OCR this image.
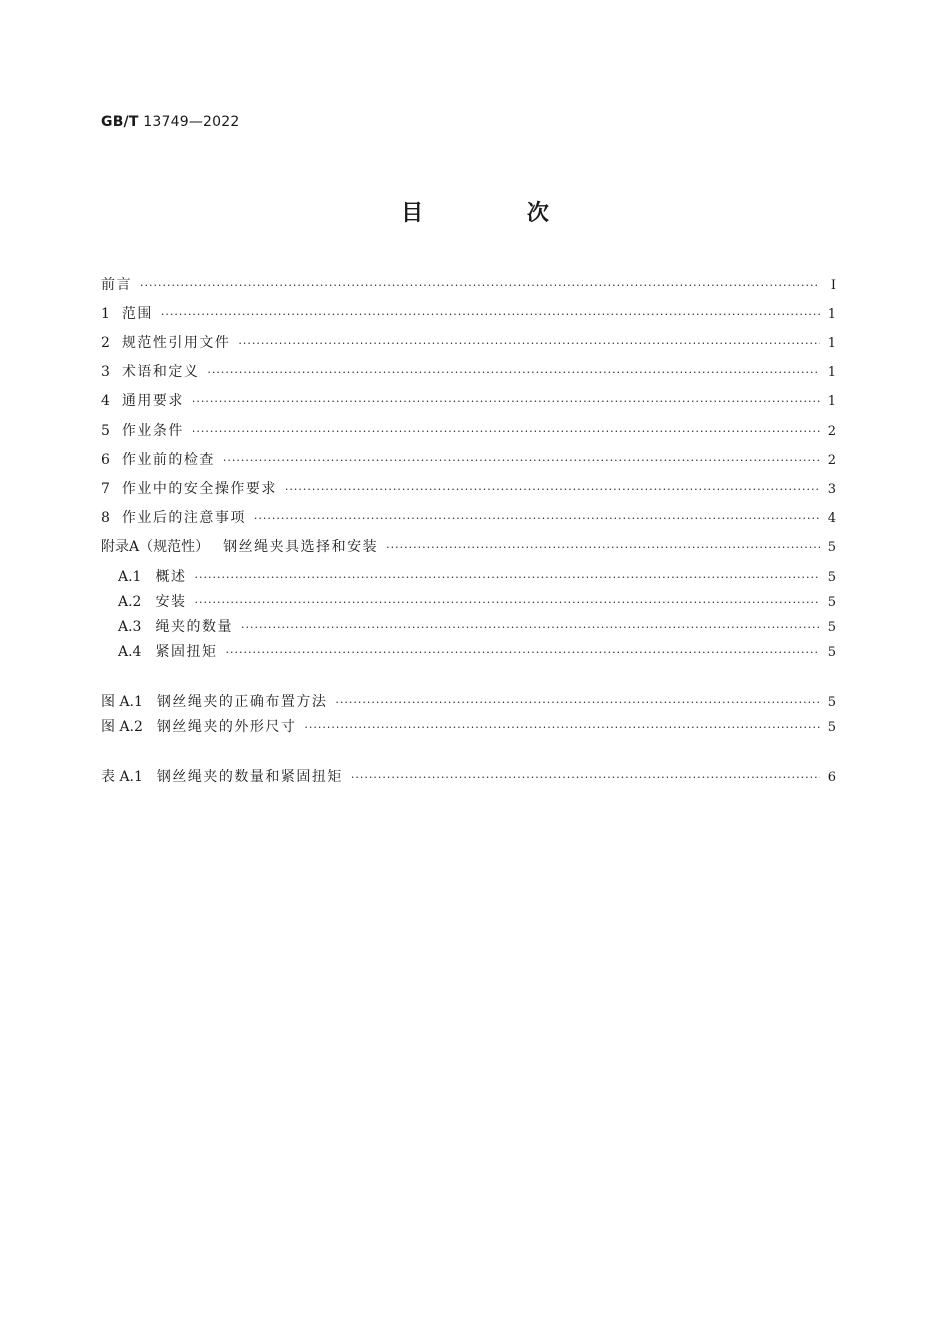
GB/T 13749—2022
目 次
前言 ·····	Ⅰ
1 范围 ·····	1
2 规范性引用文件 ·····	1
3 术语和定义 ·····	1
4 通用要求 ·····	1
5 作业条件 ·····	2
6 作业前的检查 ·····	2
7 作业中的安全操作要求 ·····	3
8 作业后的注意事项 ·····	4
附录A（规范性） 钢丝绳夹具选择和安装 ·····	5
A.1 概述 ·····	5
A.2 安装 ·····	5
A.3 绳夹的数量 ·····	5
A.4 紧固扭矩 ·····	5
图 A.1 钢丝绳夹的正确布置方法 ·····	5
图 A.2 钢丝绳夹的外形尺寸 ·····	5
表 A.1 钢丝绳夹的数量和紧固扭矩 ·····	6
